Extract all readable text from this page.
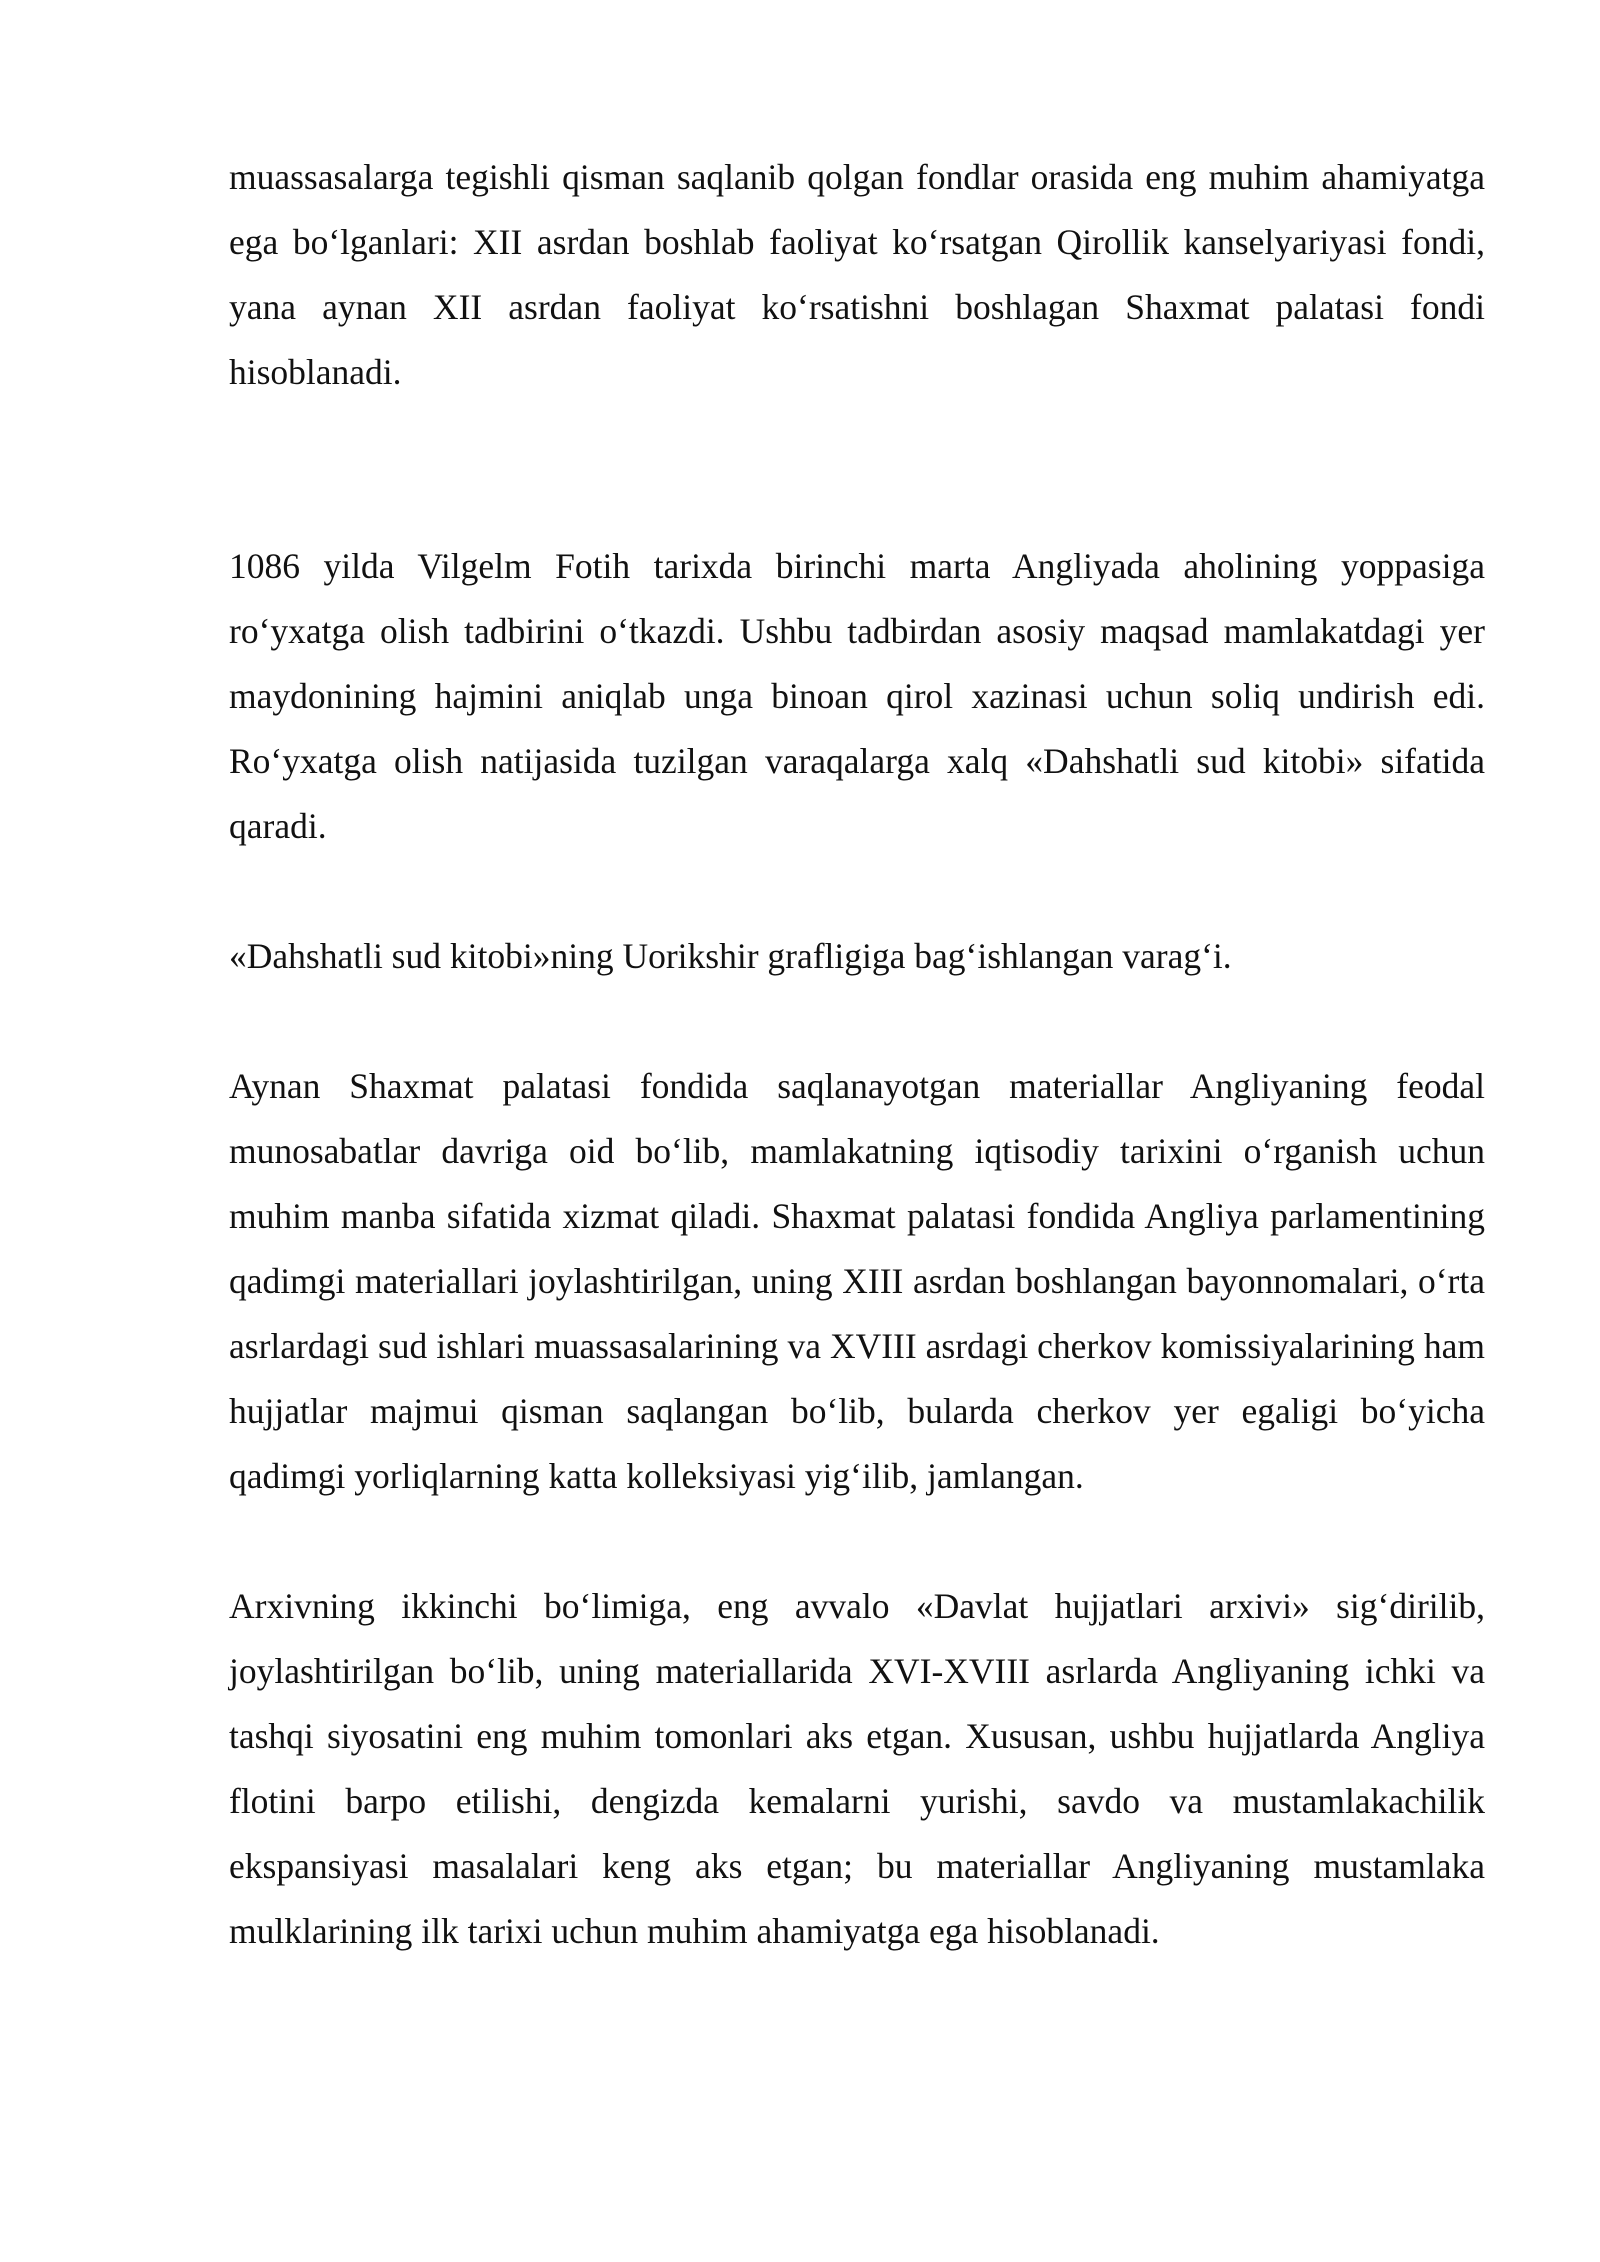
muassasalarga tegishli qisman saqlanib qolgan fondlar orasida eng muhim ahamiyatga ega bo‘lganlari: XII asrdan boshlab faoliyat ko‘rsatgan Qirollik kanselyariyasi fondi, yana aynan XII asrdan faoliyat ko‘rsatishni boshlagan Shaxmat palatasi fondi hisoblanadi.

1086 yilda Vilgelm Fotih tarixda birinchi marta Angliyada aholining yoppasiga ro‘yxatga olish tadbirini o‘tkazdi. Ushbu tadbirdan asosiy maqsad mamlakatdagi yer maydonining hajmini aniqlab unga binoan qirol xazinasi uchun soliq undirish edi. Ro‘yxatga olish natijasida tuzilgan varaqalarga xalq «Dahshatli sud kitobi» sifatida qaradi.

«Dahshatli sud kitobi»ning Uorikshir grafligiga bag‘ishlangan varag‘i.

Aynan Shaxmat palatasi fondida saqlanayotgan materiallar Angliyaning feodal munosabatlar davriga oid bo‘lib, mamlakatning iqtisodiy tarixini o‘rganish uchun muhim manba sifatida xizmat qiladi. Shaxmat palatasi fondida Angliya parlamentining qadimgi materiallari joylashtirilgan, uning XIII asrdan boshlangan bayonnomalari, o‘rta asrlardagi sud ishlari muassasalarining va XVIII asrdagi cherkov komissiyalarining ham hujjatlar majmui qisman saqlangan bo‘lib, bularda cherkov yer egaligi bo‘yicha qadimgi yorliqlarning katta kolleksiyasi yig‘ilib, jamlangan.

Arxivning ikkinchi bo‘limiga, eng avvalo «Davlat hujjatlari arxivi» sig‘dirilib, joylashtirilgan bo‘lib, uning materiallarida XVI-XVIII asrlarda Angliyaning ichki va tashqi siyosatini eng muhim tomonlari aks etgan. Xususan, ushbu hujjatlarda Angliya flotini barpo etilishi, dengizda kemalarni yurishi, savdo va mustamlakachilik ekspansiyasi masalalari keng aks etgan; bu materiallar Angliyaning mustamlaka mulklarining ilk tarixi uchun muhim ahamiyatga ega hisoblanadi.
